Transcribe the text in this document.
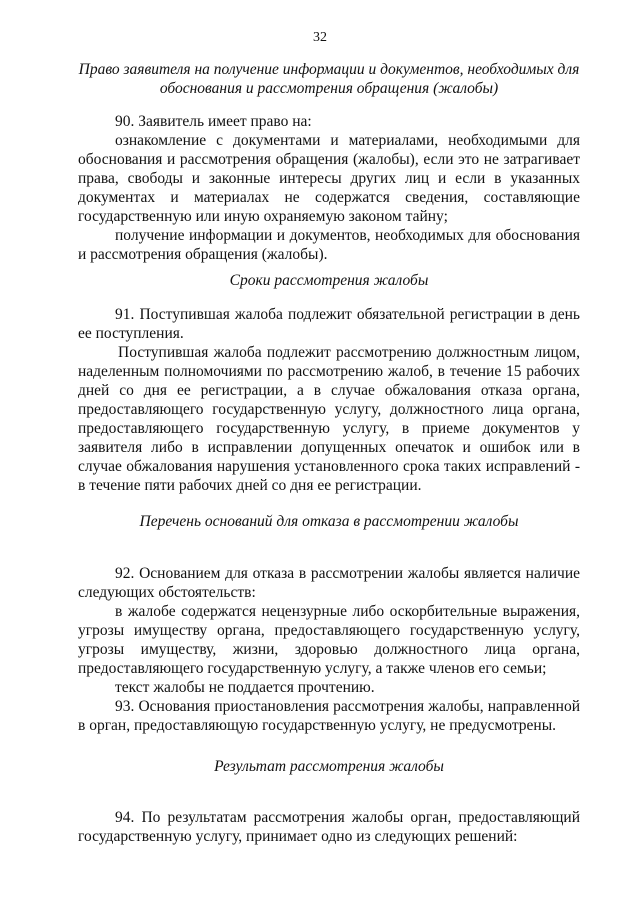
32
Право заявителя на получение информации и документов, необходимых для обоснования и рассмотрения обращения (жалобы)

90. Заявитель имеет право на:

ознакомление с документами и материалами, необходимыми для обоснования и рассмотрения обращения (жалобы), если это не затрагивает права, свободы и законные интересы других лиц и если в указанных документах и материалах не содержатся сведения, составляющие государственную или иную охраняемую законом тайну;

получение информации и документов, необходимых для обоснования и рассмотрения обращения (жалобы).

Сроки рассмотрения жалобы

91. Поступившая жалоба подлежит обязательной регистрации в день ее поступления.

Поступившая жалоба подлежит рассмотрению должностным лицом, наделенным полномочиями по рассмотрению жалоб, в течение 15 рабочих дней со дня ее регистрации, а в случае обжалования отказа органа, предоставляющего государственную услугу, должностного лица органа, предоставляющего государственную услугу, в приеме документов у заявителя либо в исправлении допущенных опечаток и ошибок или в случае обжалования нарушения установленного срока таких исправлений - в течение пяти рабочих дней со дня ее регистрации.

Перечень оснований для отказа в рассмотрении жалобы

92. Основанием для отказа в рассмотрении жалобы является наличие следующих обстоятельств:

в жалобе содержатся нецензурные либо оскорбительные выражения, угрозы имуществу органа, предоставляющего государственную услугу, угрозы имуществу, жизни, здоровью должностного лица органа, предоставляющего государственную услугу, а также членов его семьи;

текст жалобы не поддается прочтению.

93. Основания приостановления рассмотрения жалобы, направленной в орган, предоставляющую государственную услугу, не предусмотрены.

Результат рассмотрения жалобы

94. По результатам рассмотрения жалобы орган, предоставляющий государственную услугу, принимает одно из следующих решений:
